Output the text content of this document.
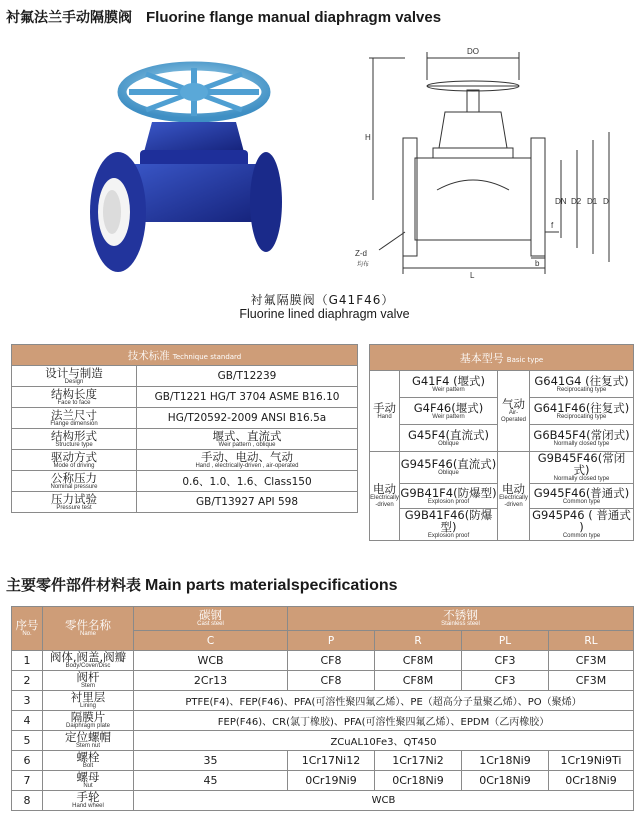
衬氟法兰手动隔膜阀 Fluorine flange manual diaphragm valves
DO
H
DN D2 D1 D
b
L
f
Z-d
均布
衬氟隔膜阀（G41F46）
Fluorine lined diaphragm valve
技术标准 Technique standard	

设计与制造
Design	GB/T12239

结构长度
Face to face	GB/T1221 HG/T 3704 ASME B16.10

法兰尺寸
Flange dimension	HG/T20592-2009 ANSI B16.5a

结构形式
Structure type	堰式、直流式
Weir pattern , oblique

驱动方式
Mode of driving	手动、电动、气动
Hand , electrically-driven , air-operated

公称压力
Nominal pressure	0.6、1.0、1.6、Class150

压力试验
Pressure test	GB/T13927 API 598
基本型号 Basic type			

手动
Hand	G41F4 (堰式)
Weir pattern	气动
Air-
Operated	G641G4 (往复式)
Reciprocating type

	G4F46(堰式)
Weir pattern		G641F46(往复式)
Reciprocating type

	G45F4(直流式)
Oblique		G6B45F4(常闭式)
Normally closed type

电动
Electrically
-driven	G945F46(直流式)
Oblique	电动
Electrically
-driven	G9B45F46(常闭式)
Normally closed type

	G9B41F4(防爆型)
Explosion proof		G945F46(普通式)
Common type

	G9B41F46(防爆型)
Explosion proof		G945P46 ( 普通式 )
Common type
主要零件部件材料表 Main parts materialspecifications
序号
No.	零件名称
Name	碳钢
Cast steel	不锈钢
Stainless steel			

		C	P	R	PL	RL
1	阀体,阀盖,阀瓣
Body/Cover/Disc	WCB	CF8	CF8M	CF3	CF3M
2	阀杆
Stem	2Cr13	CF8	CF8M	CF3	CF3M
3	衬里层
Lining	PTFE(F4)、FEP(F46)、PFA(可溶性聚四氟乙烯）、PE（超高分子量聚乙烯）、PO（聚烯）				
4	隔膜片
Daiphragm plate	FEP(F46)、CR(氯丁橡胶)、PFA(可溶性聚四氟乙烯）、EPDM（乙丙橡胶）				
5	定位螺帽
Stem nut	ZCuAL10Fe3、QT450				
6	螺栓
Bolt	35	1Cr17Ni12	1Cr17Ni2	1Cr18Ni9	1Cr19Ni9Ti
7	螺母
Nut	45	0Cr19Ni9	0Cr18Ni9	0Cr18Ni9	0Cr18Ni9
8	手轮
Hand wheel	WCB				
